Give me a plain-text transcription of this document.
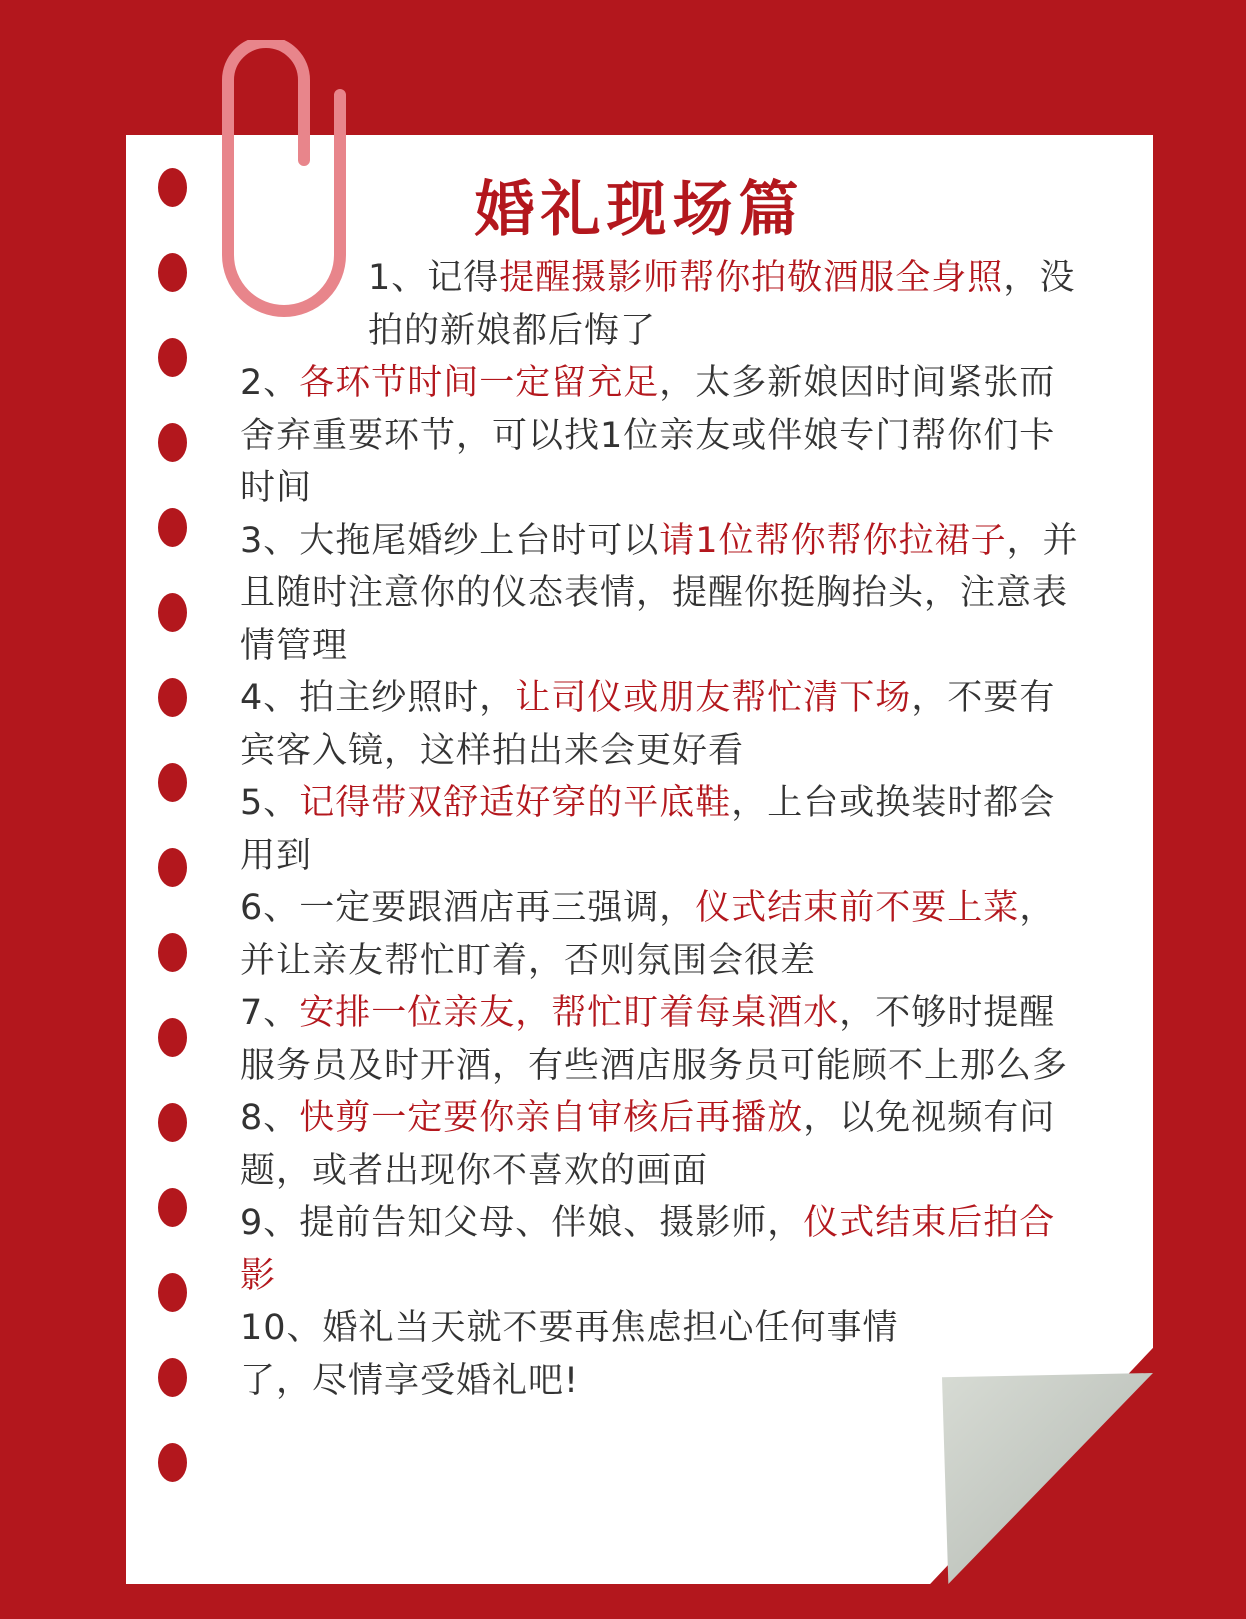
婚礼现场篇

1、记得提醒摄影师帮你拍敬酒服全身照，没拍的新娘都后悔了

2、各环节时间一定留充足，太多新娘因时间紧张而舍弃重要环节，可以找1位亲友或伴娘专门帮你们卡时间

3、大拖尾婚纱上台时可以请1位帮你帮你拉裙子，并且随时注意你的仪态表情，提醒你挺胸抬头，注意表情管理

4、拍主纱照时，让司仪或朋友帮忙清下场，不要有宾客入镜，这样拍出来会更好看

5、记得带双舒适好穿的平底鞋，上台或换装时都会用到

6、一定要跟酒店再三强调，仪式结束前不要上菜，并让亲友帮忙盯着，否则氛围会很差

7、安排一位亲友，帮忙盯着每桌酒水，不够时提醒服务员及时开酒，有些酒店服务员可能顾不上那么多

8、快剪一定要你亲自审核后再播放，以免视频有问题，或者出现你不喜欢的画面

9、提前告知父母、伴娘、摄影师，仪式结束后拍合影

10、婚礼当天就不要再焦虑担心任何事情了，尽情享受婚礼吧!
